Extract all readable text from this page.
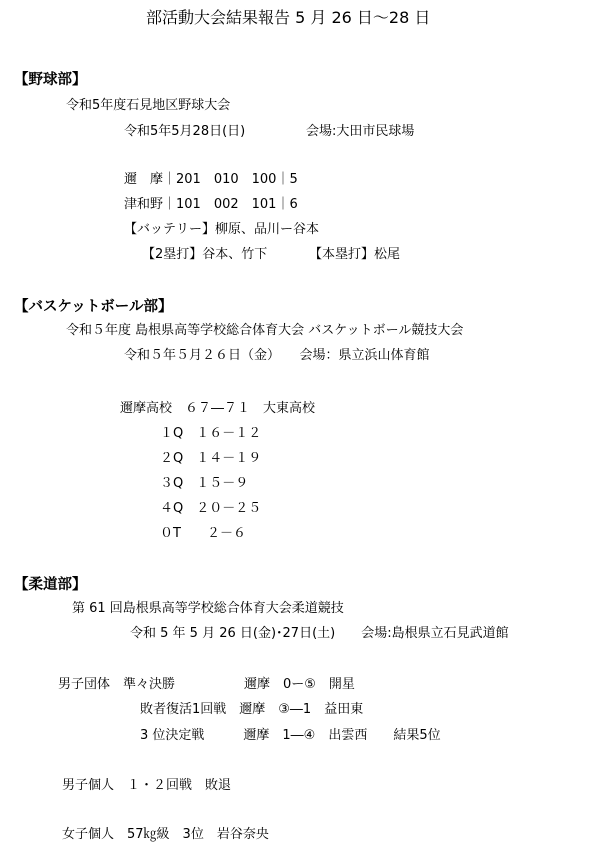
部活動大会結果報告 5 月 26 日～28 日
【野球部】
令和5年度石見地区野球大会
令和5年5月28日(日)	会場:大田市民球場
邇　摩｜201　010　100｜5
津和野｜101　002　101｜6
【バッテリー】柳原、品川ー谷本
【2塁打】谷本、竹下	【本塁打】松尾
【バスケットボール部】
令和５年度 島根県高等学校総合体育大会 バスケットボール競技大会
令和５年５月２６日（金）　　会場：県立浜山体育館
邇摩高校　６７―７１　大東高校
１Q　１６－１２
２Q　１４－１９
３Q　１５－９
４Q　２０－２５
０T　　２－６
【柔道部】
第 61 回島根県高等学校総合体育大会柔道競技
令和 5 年 5 月 26 日(金)･27日(土)　　会場:島根県立石見武道館
男子団体　準々決勝	邇摩　0ー⑤　開星
敗者復活1回戦　邇摩　③―1　益田東
3 位決定戦　　　邇摩　1―④　出雲西　　結果5位
男子個人　１・２回戦　敗退
女子個人　57㎏級　3位　岩谷奈央
